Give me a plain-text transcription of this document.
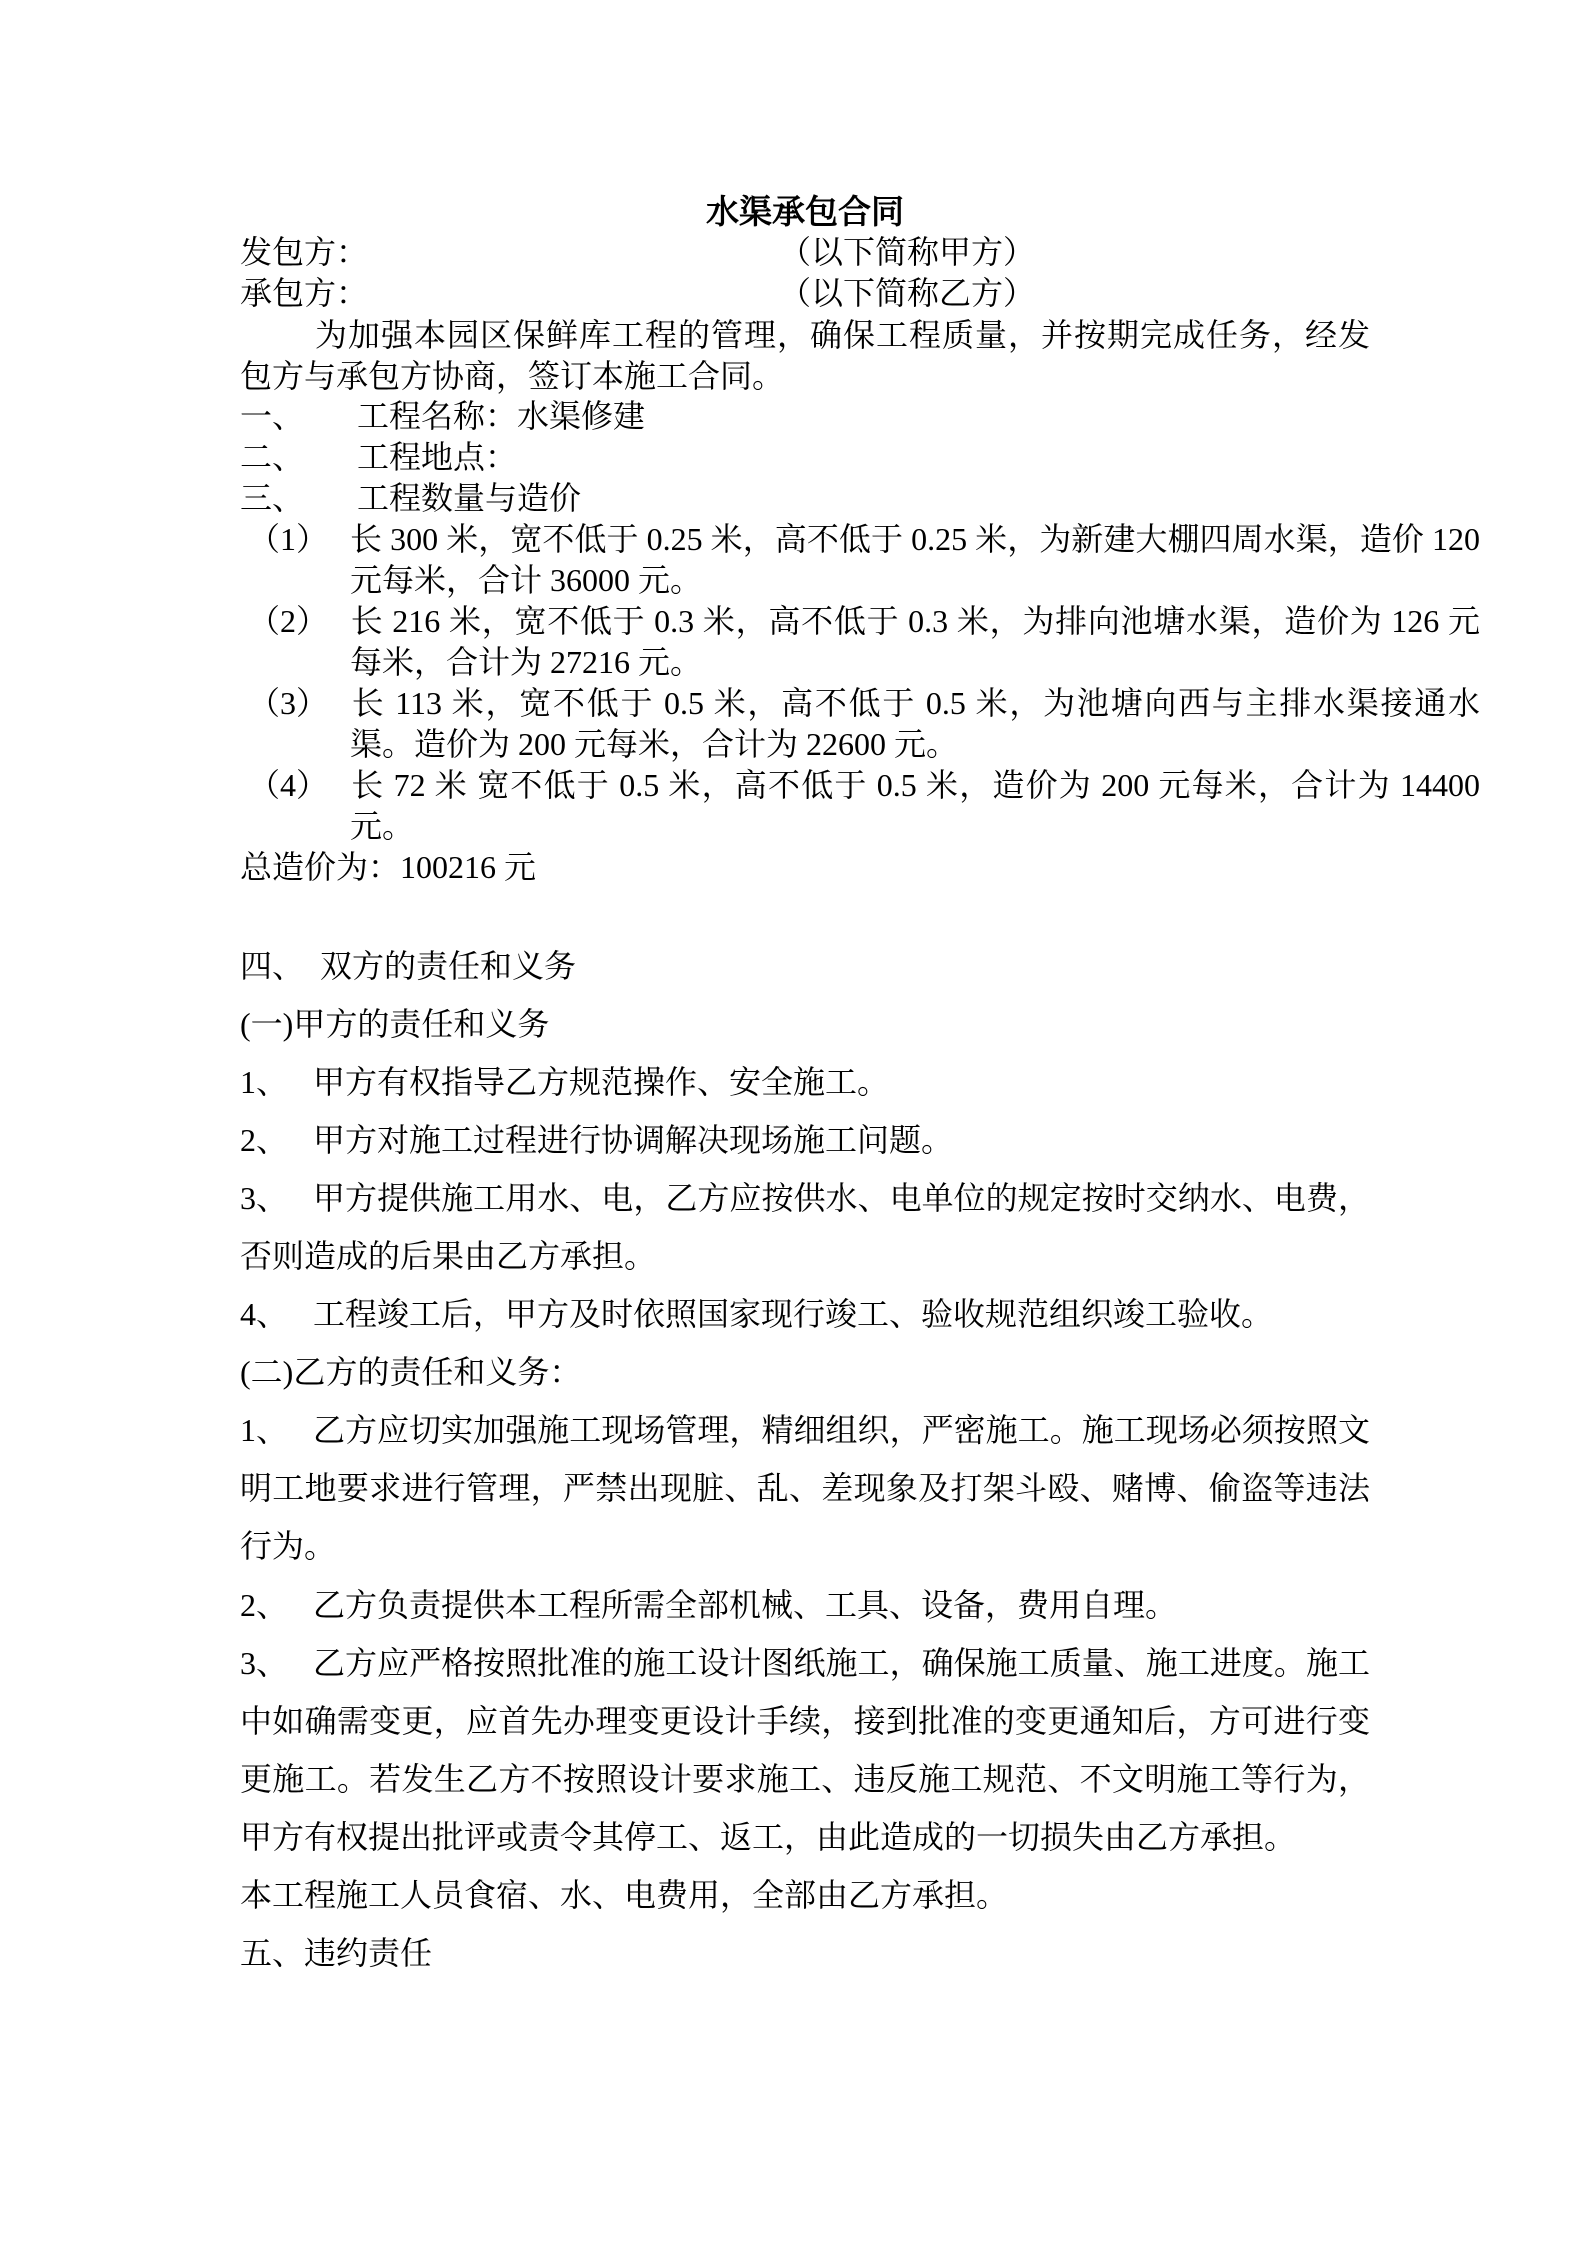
水渠承包合同
发包方：	（以下简称甲方）
承包方：	（以下简称乙方）
为加强本园区保鲜库工程的管理，确保工程质量，并按期完成任务，经发包方与承包方协商，签订本施工合同。
一、 工程名称：水渠修建
二、 工程地点：
三、 工程数量与造价
（1） 长 300 米，宽不低于 0.25 米，高不低于 0.25 米，为新建大棚四周水渠，造价 120 元每米，合计 36000 元。
（2） 长 216 米，宽不低于 0.3 米，高不低于 0.3 米，为排向池塘水渠，造价为 126 元每米，合计为 27216 元。
（3） 长 113 米，宽不低于 0.5 米，高不低于 0.5 米，为池塘向西与主排水渠接通水渠。造价为 200 元每米，合计为 22600 元。
（4） 长 72 米 宽不低于 0.5 米，高不低于 0.5 米，造价为 200 元每米，合计为 14400 元。
总造价为：100216 元
四、 双方的责任和义务
(一)甲方的责任和义务
1、 甲方有权指导乙方规范操作、安全施工。
2、 甲方对施工过程进行协调解决现场施工问题。
3、 甲方提供施工用水、电，乙方应按供水、电单位的规定按时交纳水、电费，否则造成的后果由乙方承担。
4、 工程竣工后，甲方及时依照国家现行竣工、验收规范组织竣工验收。
(二)乙方的责任和义务：
1、 乙方应切实加强施工现场管理，精细组织，严密施工。施工现场必须按照文明工地要求进行管理，严禁出现脏、乱、差现象及打架斗殴、赌博、偷盗等违法行为。
2、 乙方负责提供本工程所需全部机械、工具、设备，费用自理。
3、 乙方应严格按照批准的施工设计图纸施工，确保施工质量、施工进度。施工中如确需变更，应首先办理变更设计手续，接到批准的变更通知后，方可进行变更施工。若发生乙方不按照设计要求施工、违反施工规范、不文明施工等行为，甲方有权提出批评或责令其停工、返工，由此造成的一切损失由乙方承担。
本工程施工人员食宿、水、电费用，全部由乙方承担。
五、违约责任
